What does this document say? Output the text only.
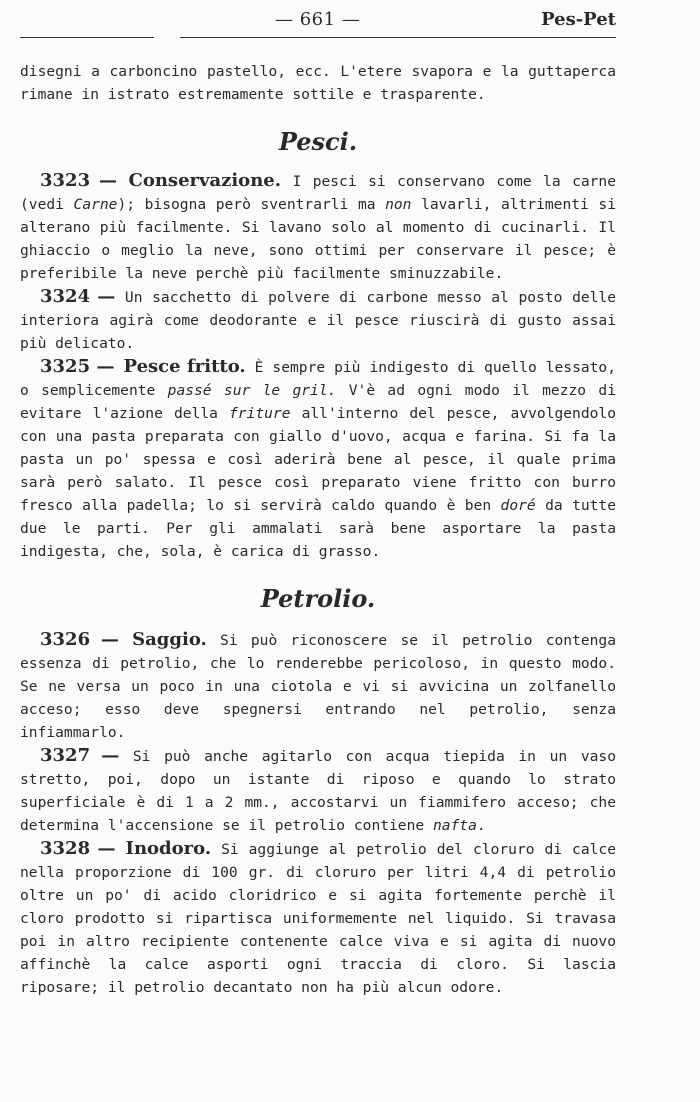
— 661 —	Pes-Pet

disegni a carboncino pastello, ecc. L'etere svapora e la guttaperca rimane in istrato estremamente sottile e trasparente.

Pesci.

3323 — Conservazione. I pesci si conservano come la carne (vedi Carne); bisogna però sventrarli ma non lavarli, altrimenti si alterano più facilmente. Si lavano solo al momento di cucinarli. Il ghiaccio o meglio la neve, sono ottimi per conservare il pesce; è preferibile la neve perchè più facilmente sminuzzabile.

3324 — Un sacchetto di polvere di carbone messo al posto delle interiora agirà come deodorante e il pesce riuscirà di gusto assai più delicato.

3325 — Pesce fritto. È sempre più indigesto di quello lessato, o semplicemente passé sur le gril. V'è ad ogni modo il mezzo di evitare l'azione della friture all'interno del pesce, avvolgendolo con una pasta preparata con giallo d'uovo, acqua e farina. Si fa la pasta un po' spessa e così aderirà bene al pesce, il quale prima sarà però salato. Il pesce così preparato viene fritto con burro fresco alla padella; lo si servirà caldo quando è ben doré da tutte due le parti. Per gli ammalati sarà bene asportare la pasta indigesta, che, sola, è carica di grasso.

Petrolio.

3326 — Saggio. Si può riconoscere se il petrolio contenga essenza di petrolio, che lo renderebbe pericoloso, in questo modo. Se ne versa un poco in una ciotola e vi si avvicina un zolfanello acceso; esso deve spegnersi entrando nel petrolio, senza infiammarlo.

3327 — Si può anche agitarlo con acqua tiepida in un vaso stretto, poi, dopo un istante di riposo e quando lo strato superficiale è di 1 a 2 mm., accostarvi un fiammifero acceso; che determina l'accensione se il petrolio contiene nafta.

3328 — Inodoro. Si aggiunge al petrolio del cloruro di calce nella proporzione di 100 gr. di cloruro per litri 4,4 di petrolio oltre un po' di acido cloridrico e si agita fortemente perchè il cloro prodotto si ripartisca uniformemente nel liquido. Si travasa poi in altro recipiente contenente calce viva e si agita di nuovo affinchè la calce asporti ogni traccia di cloro. Si lascia riposare; il petrolio decantato non ha più alcun odore.
